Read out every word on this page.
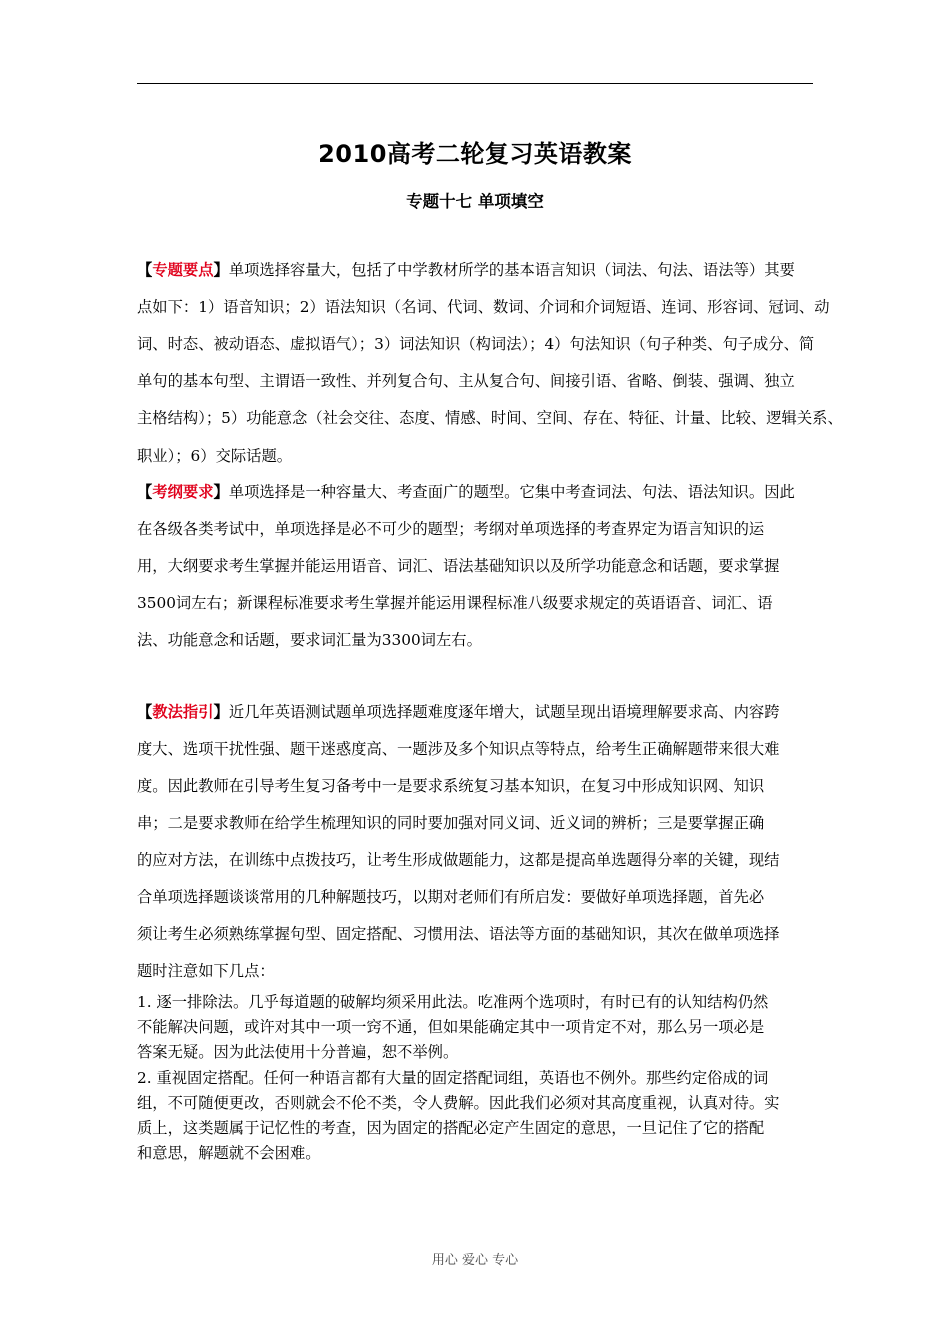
2010高考二轮复习英语教案
专题十七 单项填空
【专题要点】单项选择容量大，包括了中学教材所学的基本语言知识（词法、句法、语法等）其要
点如下：1）语音知识；2）语法知识（名词、代词、数词、介词和介词短语、连词、形容词、冠词、动
词、时态、被动语态、虚拟语气）；3）词法知识（构词法）；4）句法知识（句子种类、句子成分、简
单句的基本句型、主谓语一致性、并列复合句、主从复合句、间接引语、省略、倒装、强调、独立
主格结构）；5）功能意念（社会交往、态度、情感、时间、空间、存在、特征、计量、比较、逻辑关系、
职业）；6）交际话题。
【考纲要求】单项选择是一种容量大、考查面广的题型。它集中考查词法、句法、语法知识。因此
在各级各类考试中，单项选择是必不可少的题型；考纲对单项选择的考查界定为语言知识的运
用，大纲要求考生掌握并能运用语音、词汇、语法基础知识以及所学功能意念和话题，要求掌握
3500词左右；新课程标准要求考生掌握并能运用课程标准八级要求规定的英语语音、词汇、语
法、功能意念和话题，要求词汇量为3300词左右。
【教法指引】近几年英语测试题单项选择题难度逐年增大，试题呈现出语境理解要求高、内容跨
度大、选项干扰性强、题干迷惑度高、一题涉及多个知识点等特点，给考生正确解题带来很大难
度。因此教师在引导考生复习备考中一是要求系统复习基本知识，在复习中形成知识网、知识
串；二是要求教师在给学生梳理知识的同时要加强对同义词、近义词的辨析；三是要掌握正确
的应对方法，在训练中点拨技巧，让考生形成做题能力，这都是提高单选题得分率的关键，现结
合单项选择题谈谈常用的几种解题技巧，以期对老师们有所启发：要做好单项选择题，首先必
须让考生必须熟练掌握句型、固定搭配、习惯用法、语法等方面的基础知识，其次在做单项选择
题时注意如下几点：
1. 逐一排除法。几乎每道题的破解均须采用此法。吃准两个选项时，有时已有的认知结构仍然
不能解决问题，或许对其中一项一窍不通，但如果能确定其中一项肯定不对，那么另一项必是
答案无疑。因为此法使用十分普遍，恕不举例。
2. 重视固定搭配。任何一种语言都有大量的固定搭配词组，英语也不例外。那些约定俗成的词
组，不可随便更改，否则就会不伦不类，令人费解。因此我们必须对其高度重视，认真对待。实
质上，这类题属于记忆性的考查，因为固定的搭配必定产生固定的意思，一旦记住了它的搭配
和意思，解题就不会困难。
用心 爱心 专心
